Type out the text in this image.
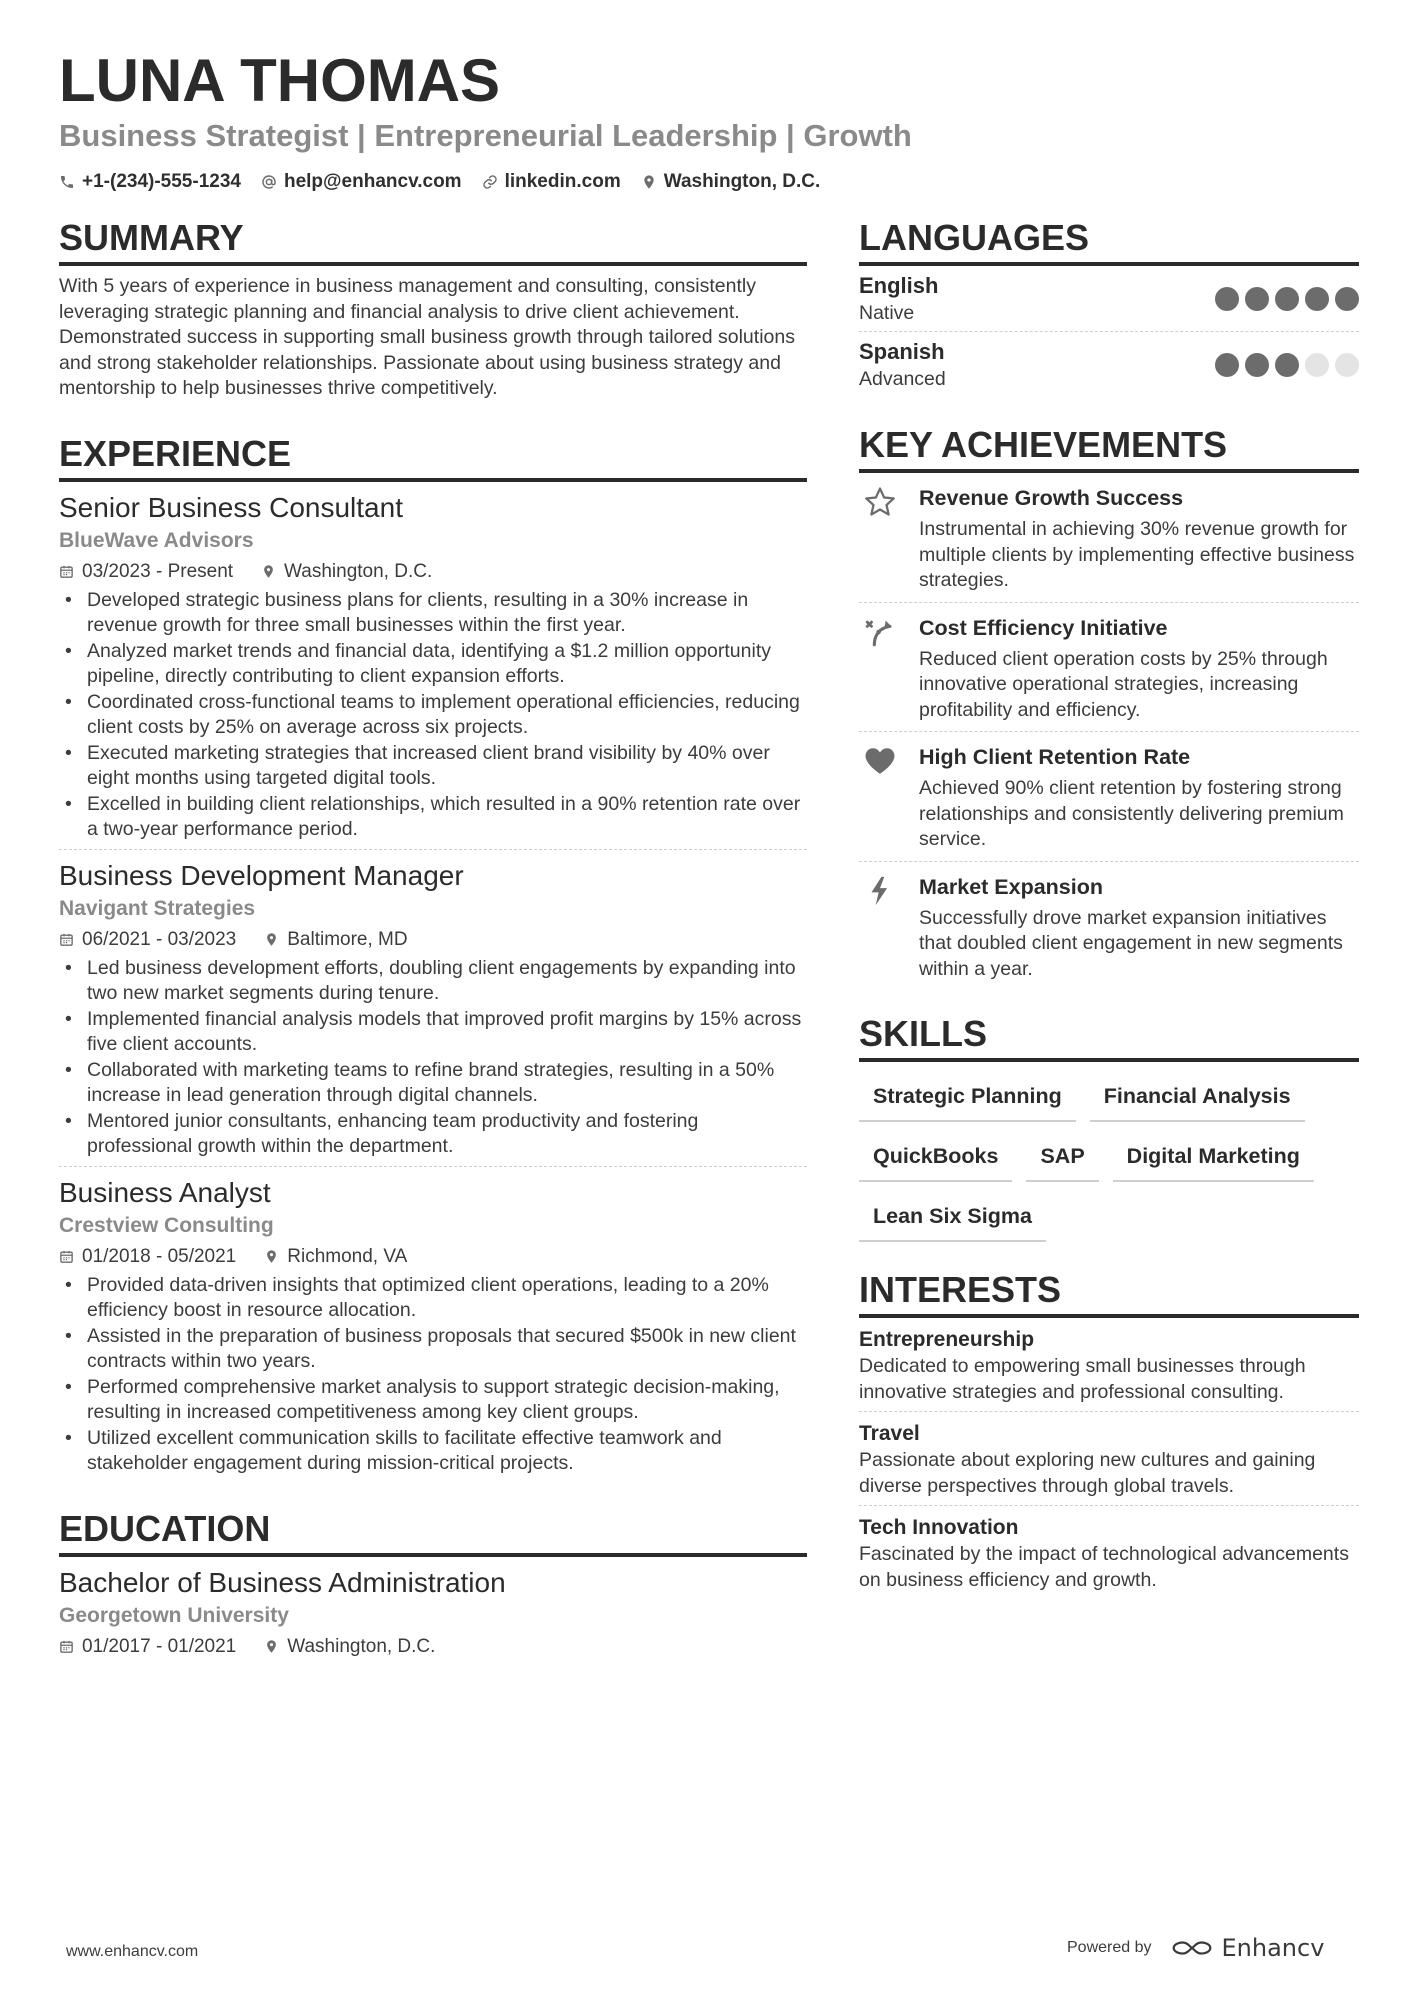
LUNA THOMAS
Business Strategist | Entrepreneurial Leadership | Growth
+1-(234)-555-1234 help@enhancv.com linkedin.com Washington, D.C.
SUMMARY

With 5 years of experience in business management and consulting, consistently leveraging strategic planning and financial analysis to drive client achievement. Demonstrated success in supporting small business growth through tailored solutions and strong stakeholder relationships. Passionate about using business strategy and mentorship to help businesses thrive competitively.

EXPERIENCE
Senior Business Consultant
BlueWave Advisors
03/2023 - Present	Washington, D.C.
• Developed strategic business plans for clients, resulting in a 30% increase in revenue growth for three small businesses within the first year.
• Analyzed market trends and financial data, identifying a $1.2 million opportunity pipeline, directly contributing to client expansion efforts.
• Coordinated cross-functional teams to implement operational efficiencies, reducing client costs by 25% on average across six projects.
• Executed marketing strategies that increased client brand visibility by 40% over eight months using targeted digital tools.
• Excelled in building client relationships, which resulted in a 90% retention rate over a two-year performance period.
Business Development Manager
Navigant Strategies
06/2021 - 03/2023	Baltimore, MD
• Led business development efforts, doubling client engagements by expanding into two new market segments during tenure.
• Implemented financial analysis models that improved profit margins by 15% across five client accounts.
• Collaborated with marketing teams to refine brand strategies, resulting in a 50% increase in lead generation through digital channels.
• Mentored junior consultants, enhancing team productivity and fostering professional growth within the department.
Business Analyst
Crestview Consulting
01/2018 - 05/2021	Richmond, VA
• Provided data-driven insights that optimized client operations, leading to a 20% efficiency boost in resource allocation.
• Assisted in the preparation of business proposals that secured $500k in new client contracts within two years.
• Performed comprehensive market analysis to support strategic decision-making, resulting in increased competitiveness among key client groups.
• Utilized excellent communication skills to facilitate effective teamwork and stakeholder engagement during mission-critical projects.
EDUCATION
Bachelor of Business Administration
Georgetown University
01/2017 - 01/2021	Washington, D.C.
LANGUAGES
English
Native
Spanish
Advanced
KEY ACHIEVEMENTS
Revenue Growth Success

Instrumental in achieving 30% revenue growth for multiple clients by implementing effective business strategies.

Cost Efficiency Initiative

Reduced client operation costs by 25% through innovative operational strategies, increasing profitability and efficiency.

High Client Retention Rate

Achieved 90% client retention by fostering strong relationships and consistently delivering premium service.

Market Expansion

Successfully drove market expansion initiatives that doubled client engagement in new segments within a year.

SKILLS
Strategic Planning	Financial Analysis
QuickBooks	SAP	Digital Marketing
Lean Six Sigma
INTERESTS
Entrepreneurship

Dedicated to empowering small businesses through innovative strategies and professional consulting.

Travel

Passionate about exploring new cultures and gaining diverse perspectives through global travels.

Tech Innovation

Fascinated by the impact of technological advancements on business efficiency and growth.

www.enhancv.com	Powered by	Enhancv
